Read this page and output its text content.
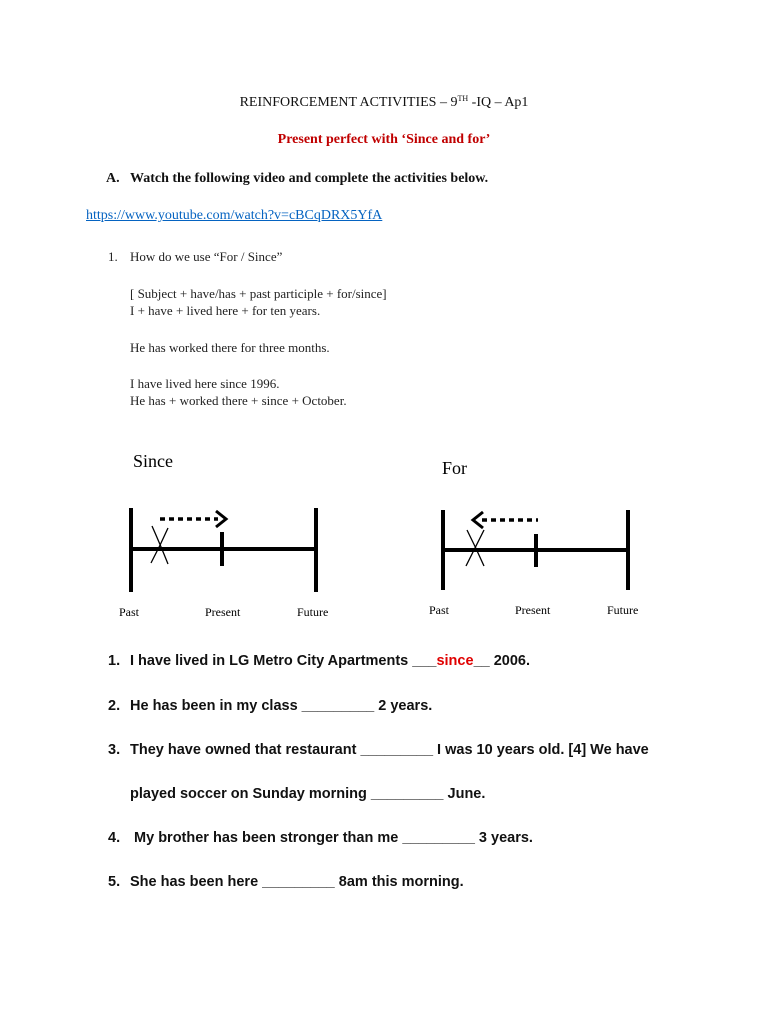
REINFORCEMENT ACTIVITIES – 9TH -IQ – Ap1
Present perfect with ‘Since and for’
A. Watch the following video and complete the activities below.
https://www.youtube.com/watch?v=cBCqDRX5YfA
1. How do we use “For / Since”
[ Subject + have/has + past participle + for/since]
I + have + lived here + for ten years.
He has worked there for three months.
I have lived here since 1996.
He has + worked there + since + October.
Since
Past	Present	Future
For
Past	Present	Future
1. I have lived in LG Metro City Apartments ___since__ 2006.
2. He has been in my class _________ 2 years.
3. They have owned that restaurant _________ I was 10 years old. [4] We have
played soccer on Sunday morning _________ June.
4. My brother has been stronger than me _________ 3 years.
5. She has been here _________ 8am this morning.
